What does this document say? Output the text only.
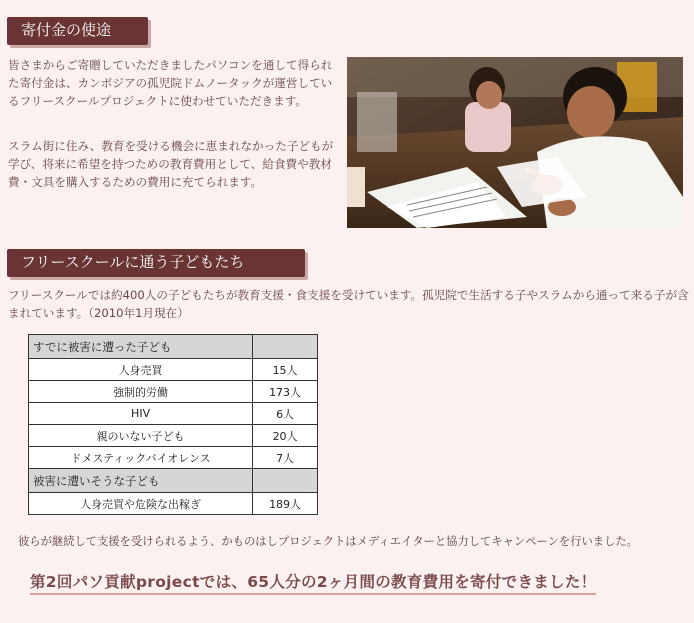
寄付金の使途

皆さまからご寄贈していただきましたパソコンを通して得られた寄付金は、カンボジアの孤児院ドムノータックが運営しているフリースクールプロジェクトに使わせていただきます。

スラム街に住み、教育を受ける機会に恵まれなかった子どもが学び、将来に希望を持つための教育費用として、給食費や教材費・文具を購入するための費用に充てられます。

フリースクールに通う子どもたち

フリースクールでは約400人の子どもたちが教育支援・食支援を受けています。孤児院で生活する子やスラムから通って来る子が含まれています。（2010年1月現在）

すでに被害に遭った子ども	
人身売買	15人
強制的労働	173人
HIV	6人
親のいない子ども	20人
ドメスティックバイオレンス	7人
被害に遭いそうな子ども	
人身売買や危険な出稼ぎ	189人

彼らが継続して支援を受けられるよう、かものはしプロジェクトはメディエイターと協力してキャンペーンを行いました。

第2回パソ貢献projectでは、65人分の2ヶ月間の教育費用を寄付できました！
